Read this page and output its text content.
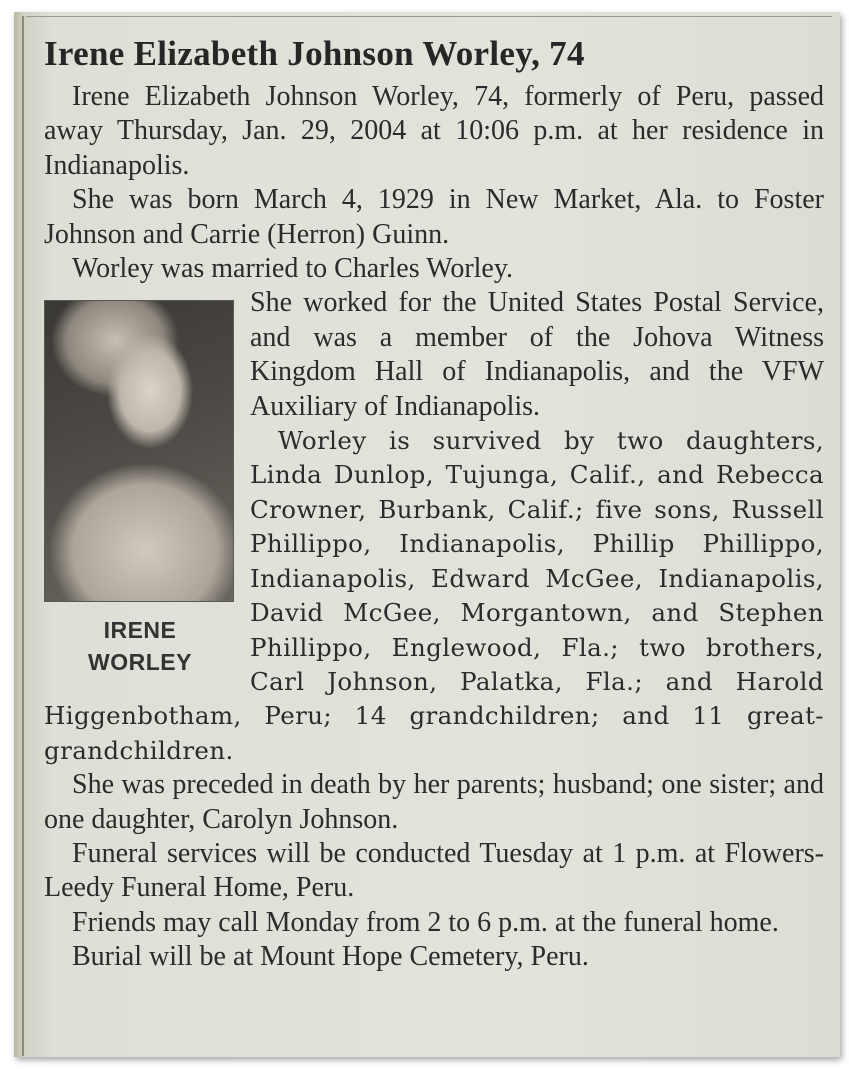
Irene Elizabeth Johnson Worley, 74

Irene Elizabeth Johnson Worley, 74, formerly of Peru, passed away Thursday, Jan. 29, 2004 at 10:06 p.m. at her residence in Indianapolis.

She was born March 4, 1929 in New Market, Ala. to Foster Johnson and Carrie (Herron) Guinn.

Worley was married to Charles Worley.

IRENE
WORLEY

She worked for the United States Postal Service, and was a member of the Johova Witness Kingdom Hall of Indianapolis, and the VFW Auxiliary of Indianapolis.

Worley is survived by two daughters, Linda Dunlop, Tujunga, Calif., and Rebecca Crowner, Burbank, Calif.; five sons, Russell Phillippo, Indianapolis, Phillip Phillippo, Indianapolis, Edward McGee, Indianapolis, David McGee, Morgantown, and Stephen Phillippo, Englewood, Fla.; two brothers, Carl Johnson, Palatka, Fla.; and Harold Higgenbotham, Peru; 14 grandchildren; and 11 great-grandchildren.

She was preceded in death by her parents; husband; one sister; and one daughter, Carolyn Johnson.

Funeral services will be conducted Tuesday at 1 p.m. at Flowers-Leedy Funeral Home, Peru.

Friends may call Monday from 2 to 6 p.m. at the funeral home.

Burial will be at Mount Hope Cemetery, Peru.
